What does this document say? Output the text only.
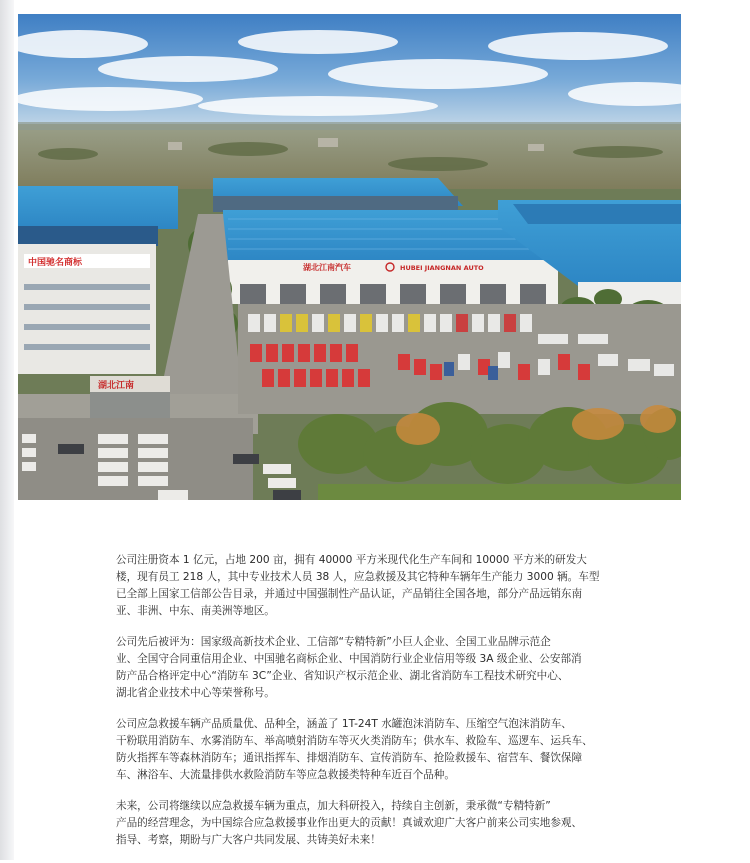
中国驰名商标	湖北江南汽车	HUBEI JIANGNAN AUTO
湖北江南
公司注册资本 1 亿元，占地 200 亩，拥有 40000 平方米现代化生产车间和 10000 平方米的研发大
楼，现有员工 218 人，其中专业技术人员 38 人，应急救援及其它特种车辆年生产能力 3000 辆。车型
已全部上国家工信部公告目录，并通过中国强制性产品认证，产品销往全国各地，部分产品远销东南
亚、非洲、中东、南美洲等地区。
公司先后被评为：国家级高新技术企业、工信部“专精特新”小巨人企业、全国工业品牌示范企
业、全国守合同重信用企业、中国驰名商标企业、中国消防行业企业信用等级 3A 级企业、公安部消
防产品合格评定中心“消防车 3C”企业、省知识产权示范企业、湖北省消防车工程技术研究中心、
湖北省企业技术中心等荣誉称号。
公司应急救援车辆产品质量优、品种全，涵盖了 1T-24T 水罐泡沫消防车、压缩空气泡沫消防车、
干粉联用消防车、水雾消防车、举高喷射消防车等灭火类消防车；供水车、救险车、巡逻车、运兵车、
防火指挥车等森林消防车；通讯指挥车、排烟消防车、宣传消防车、抢险救援车、宿营车、餐饮保障
车、淋浴车、大流量排供水救险消防车等应急救援类特种车近百个品种。
未来，公司将继续以应急救援车辆为重点，加大科研投入，持续自主创新，秉承微“专精特新”
产品的经营理念，为中国综合应急救援事业作出更大的贡献！真诚欢迎广大客户前来公司实地参观、
指导、考察，期盼与广大客户共同发展、共铸美好未来！
